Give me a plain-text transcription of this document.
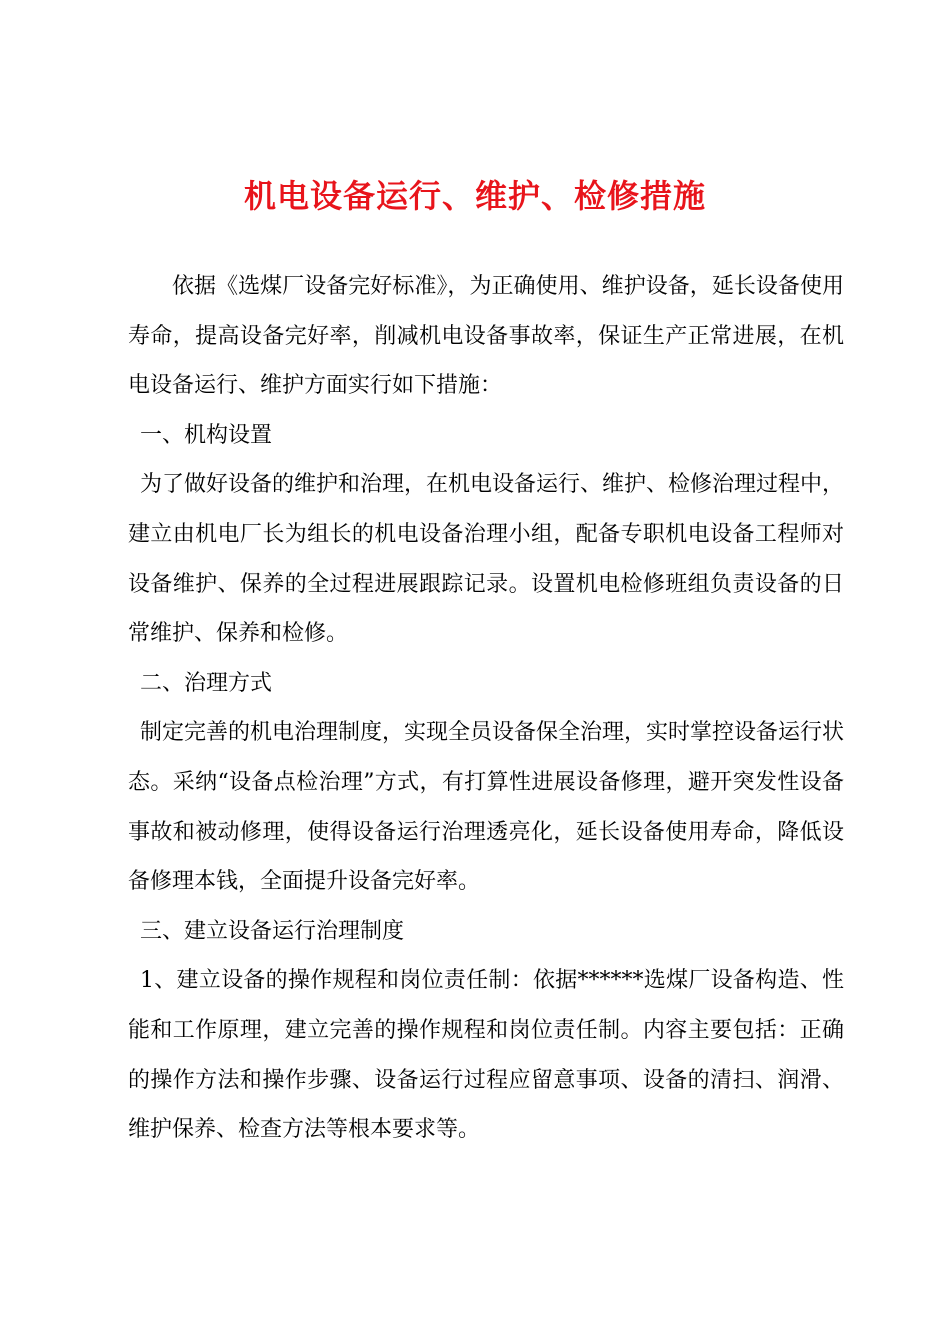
机电设备运行、维护、检修措施

依据《选煤厂设备完好标准》，为正确使用、维护设备，延长设备使用寿命，提高设备完好率，削减机电设备事故率，保证生产正常进展，在机电设备运行、维护方面实行如下措施：

一、机构设置

为了做好设备的维护和治理，在机电设备运行、维护、检修治理过程中，建立由机电厂长为组长的机电设备治理小组，配备专职机电设备工程师对设备维护、保养的全过程进展跟踪记录。设置机电检修班组负责设备的日常维护、保养和检修。

二、治理方式

制定完善的机电治理制度，实现全员设备保全治理，实时掌控设备运行状态。采纳“设备点检治理”方式，有打算性进展设备修理，避开突发性设备事故和被动修理，使得设备运行治理透亮化，延长设备使用寿命，降低设备修理本钱，全面提升设备完好率。

三、建立设备运行治理制度

1、建立设备的操作规程和岗位责任制：依据******选煤厂设备构造、性能和工作原理，建立完善的操作规程和岗位责任制。内容主要包括：正确的操作方法和操作步骤、设备运行过程应留意事项、设备的清扫、润滑、维护保养、检查方法等根本要求等。
